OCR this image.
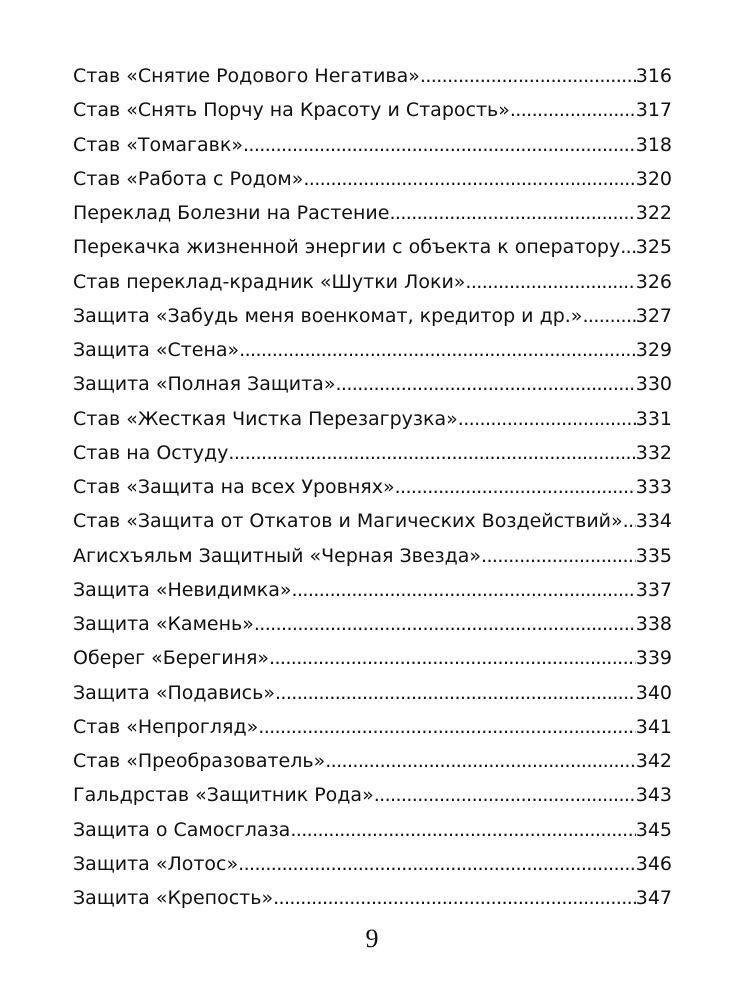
Став «Снятие Родового Негатива» .....	316
Став «Снять Порчу на Красоту и Старость» .....	317
Став «Томагавк» .....	318
Став «Работа с Родом» .....	320
Переклад Болезни на Растение .....	322
Перекачка жизненной энергии с объекта к оператору ..... 325
Став переклад-крадник «Шутки Локи» .....	326
Защита «Забудь меня военкомат, кредитор и др.» .....	327
Защита «Стена» .....	329
Защита «Полная Защита» .....	330
Став «Жесткая Чистка Перезагрузка» .....	331
Став на Остуду .....	332
Став «Защита на всех Уровнях» .....	333
Став «Защита от Откатов и Магических Воздействий» ..... 334
Агисхъяльм Защитный «Черная Звезда» .....	335
Защита «Невидимка» .....	337
Защита «Камень» .....	338
Оберег «Берегиня» .....	339
Защита «Подавись» .....	340
Став «Непрогляд» .....	341
Став «Преобразователь» .....	342
Гальдрстав «Защитник Рода» .....	343
Защита о Самосглаза .....	345
Защита «Лотос» .....	346
Защита «Крепость» .....	347
9
